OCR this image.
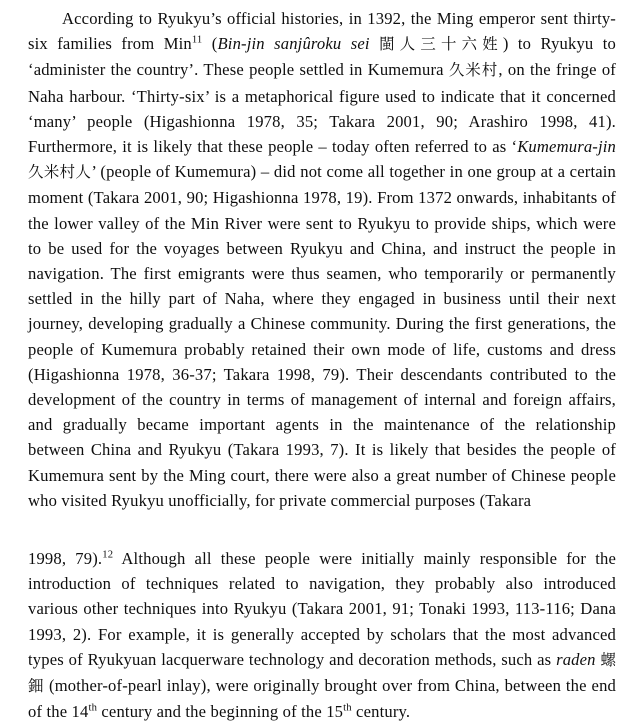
According to Ryukyu’s official histories, in 1392, the Ming emperor sent thirty-six families from Min$^{11}$ (Bin-jin sanjûroku sei 閩人三十六姓) to Ryukyu to ‘administer the country’. These people settled in Kumemura 久米村, on the fringe of Naha harbour. ‘Thirty-six’ is a metaphorical figure used to indicate that it concerned ‘many’ people (Higashionna 1978, 35; Takara 2001, 90; Arashiro 1998, 41). Furthermore, it is likely that these people – today often referred to as ‘Kumemura-jin 久米村人’ (people of Kumemura) – did not come all together in one group at a certain moment (Takara 2001, 90; Higashionna 1978, 19). From 1372 onwards, inhabitants of the lower valley of the Min River were sent to Ryukyu to provide ships, which were to be used for the voyages between Ryukyu and China, and instruct the people in navigation. The first emigrants were thus seamen, who temporarily or permanently settled in the hilly part of Naha, where they engaged in business until their next journey, developing gradually a Chinese community. During the first generations, the people of Kumemura probably retained their own mode of life, customs and dress (Higashionna 1978, 36-37; Takara 1998, 79). Their descendants contributed to the development of the country in terms of management of internal and foreign affairs, and gradually became important agents in the maintenance of the relationship between China and Ryukyu (Takara 1993, 7). It is likely that besides the people of Kumemura sent by the Ming court, there were also a great number of Chinese people who visited Ryukyu unofficially, for private commercial purposes (Takara

1998, 79).$^{12}$ Although all these people were initially mainly responsible for the introduction of techniques related to navigation, they probably also introduced various other techniques into Ryukyu (Takara 2001, 91; Tonaki 1993, 113-116; Dana 1993, 2). For example, it is generally accepted by scholars that the most advanced types of Ryukyuan lacquerware technology and decoration methods, such as raden 螺鈿 (mother-of-pearl inlay), were originally brought over from China, between the end of the 14th century and the beginning of the 15th century.
